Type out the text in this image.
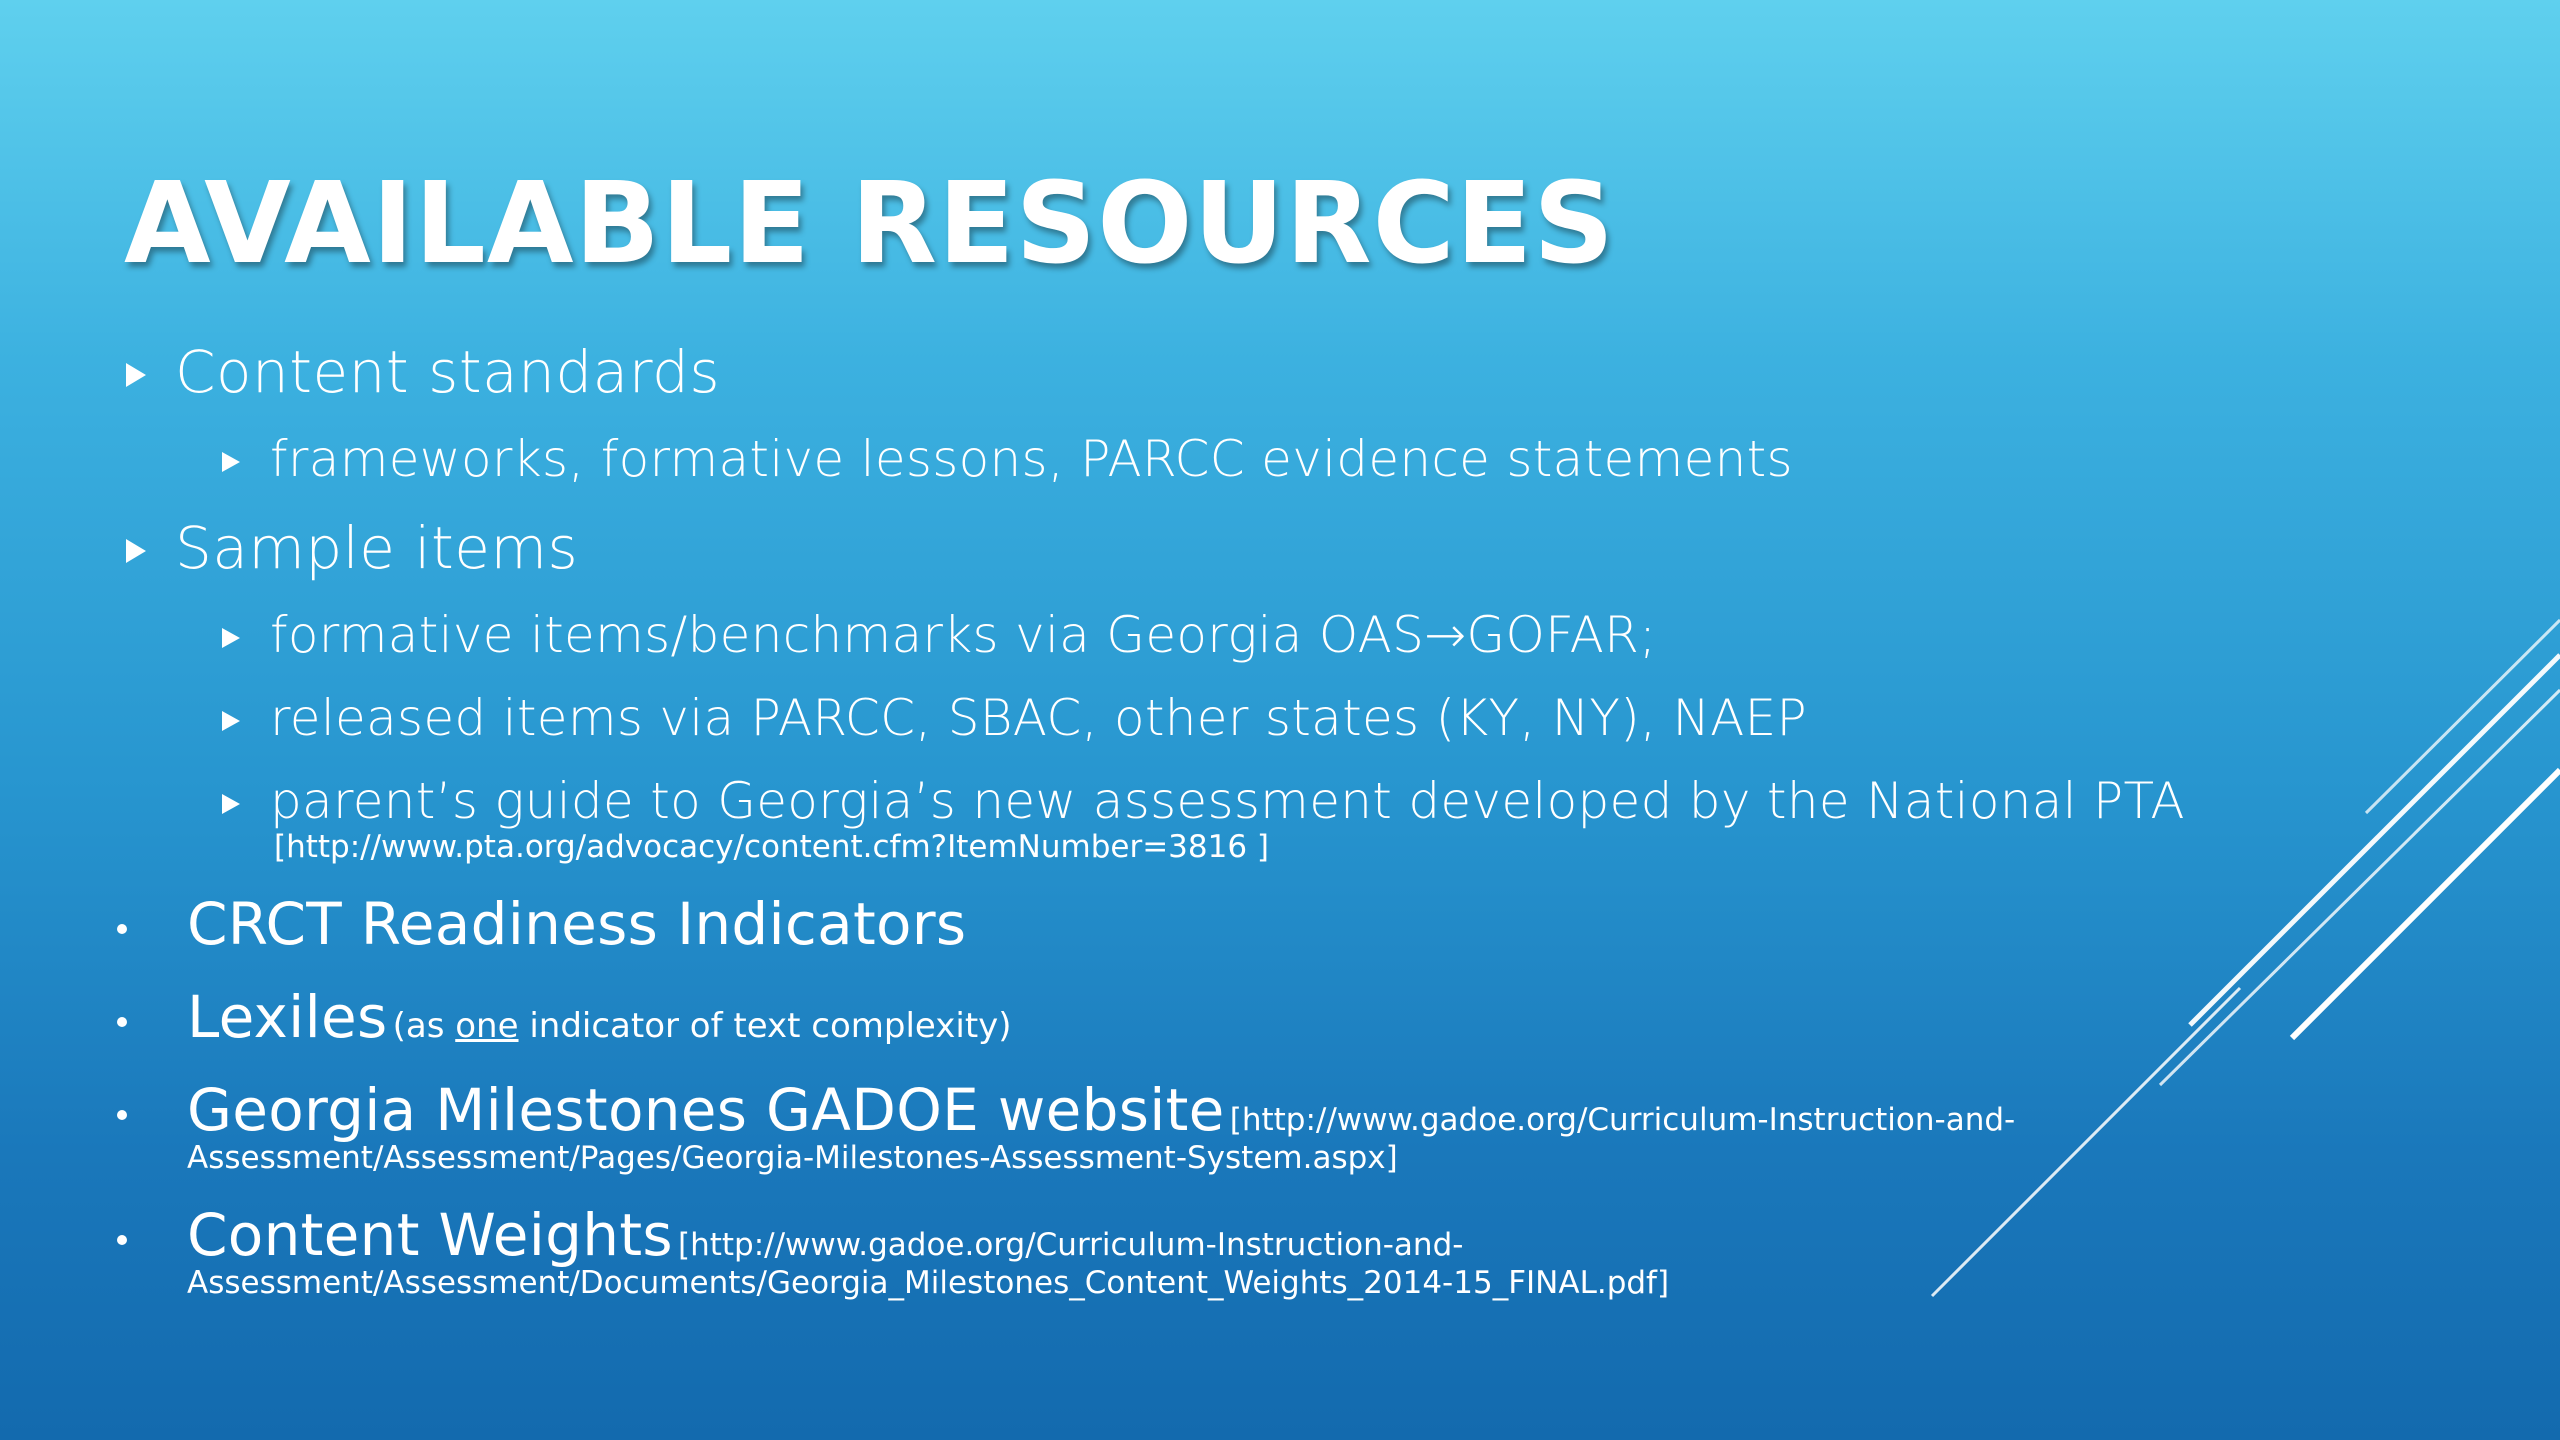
AVAILABLE RESOURCES
Content standards
frameworks, formative lessons, PARCC evidence statements
Sample items
formative items/benchmarks via Georgia OAS→GOFAR;
released items via PARCC, SBAC, other states (KY, NY), NAEP
parent’s guide to Georgia’s new assessment developed by the National PTA
[http://www.pta.org/advocacy/content.cfm?ItemNumber=3816 ]
CRCT Readiness Indicators
Lexiles (as one indicator of text complexity)
Georgia Milestones GADOE website [http://www.gadoe.org/Curriculum-Instruction-and-
Assessment/Assessment/Pages/Georgia-Milestones-Assessment-System.aspx]
Content Weights [http://www.gadoe.org/Curriculum-Instruction-and-
Assessment/Assessment/Documents/Georgia_Milestones_Content_Weights_2014-15_FINAL.pdf]
